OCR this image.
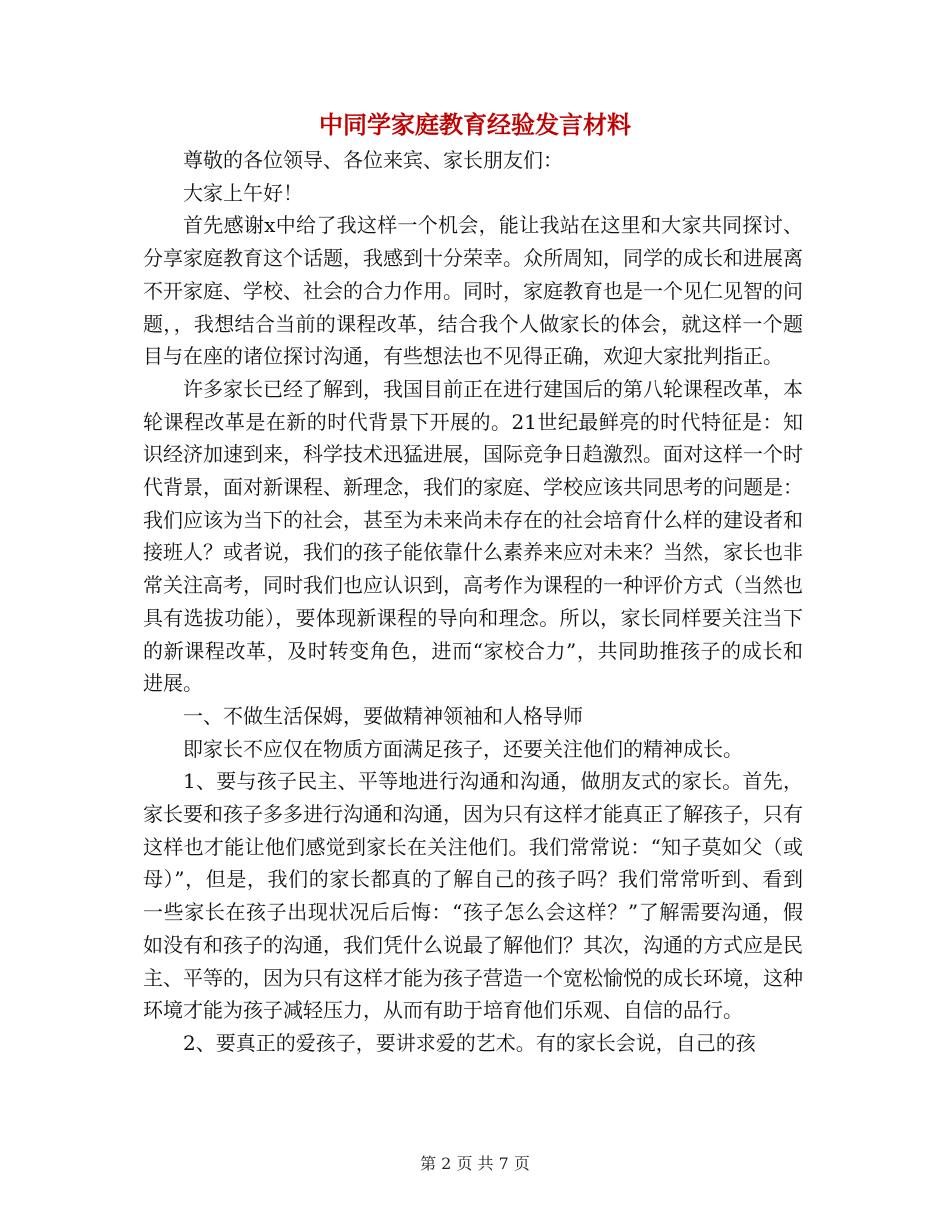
中同学家庭教育经验发言材料

尊敬的各位领导、各位来宾、家长朋友们：

大家上午好！

首先感谢x中给了我这样一个机会，能让我站在这里和大家共同探讨、分享家庭教育这个话题，我感到十分荣幸。众所周知，同学的成长和进展离不开家庭、学校、社会的合力作用。同时，家庭教育也是一个见仁见智的问题，，我想结合当前的课程改革，结合我个人做家长的体会，就这样一个题目与在座的诸位探讨沟通，有些想法也不见得正确，欢迎大家批判指正。

许多家长已经了解到，我国目前正在进行建国后的第八轮课程改革，本轮课程改革是在新的时代背景下开展的。21世纪最鲜亮的时代特征是：知识经济加速到来，科学技术迅猛进展，国际竞争日趋激烈。面对这样一个时代背景，面对新课程、新理念，我们的家庭、学校应该共同思考的问题是：我们应该为当下的社会，甚至为未来尚未存在的社会培育什么样的建设者和接班人？或者说，我们的孩子能依靠什么素养来应对未来？当然，家长也非常关注高考，同时我们也应认识到，高考作为课程的一种评价方式（当然也具有选拔功能），要体现新课程的导向和理念。所以，家长同样要关注当下的新课程改革，及时转变角色，进而“家校合力”，共同助推孩子的成长和进展。

一、不做生活保姆，要做精神领袖和人格导师

即家长不应仅在物质方面满足孩子，还要关注他们的精神成长。

1、要与孩子民主、平等地进行沟通和沟通，做朋友式的家长。首先，家长要和孩子多多进行沟通和沟通，因为只有这样才能真正了解孩子，只有这样也才能让他们感觉到家长在关注他们。我们常常说：“知子莫如父（或母）”，但是，我们的家长都真的了解自己的孩子吗？我们常常听到、看到一些家长在孩子出现状况后后悔：“孩子怎么会这样？”了解需要沟通，假如没有和孩子的沟通，我们凭什么说最了解他们？其次，沟通的方式应是民主、平等的，因为只有这样才能为孩子营造一个宽松愉悦的成长环境，这种环境才能为孩子减轻压力，从而有助于培育他们乐观、自信的品行。

2、要真正的爱孩子，要讲求爱的艺术。有的家长会说，自己的孩

第 2 页 共 7 页
